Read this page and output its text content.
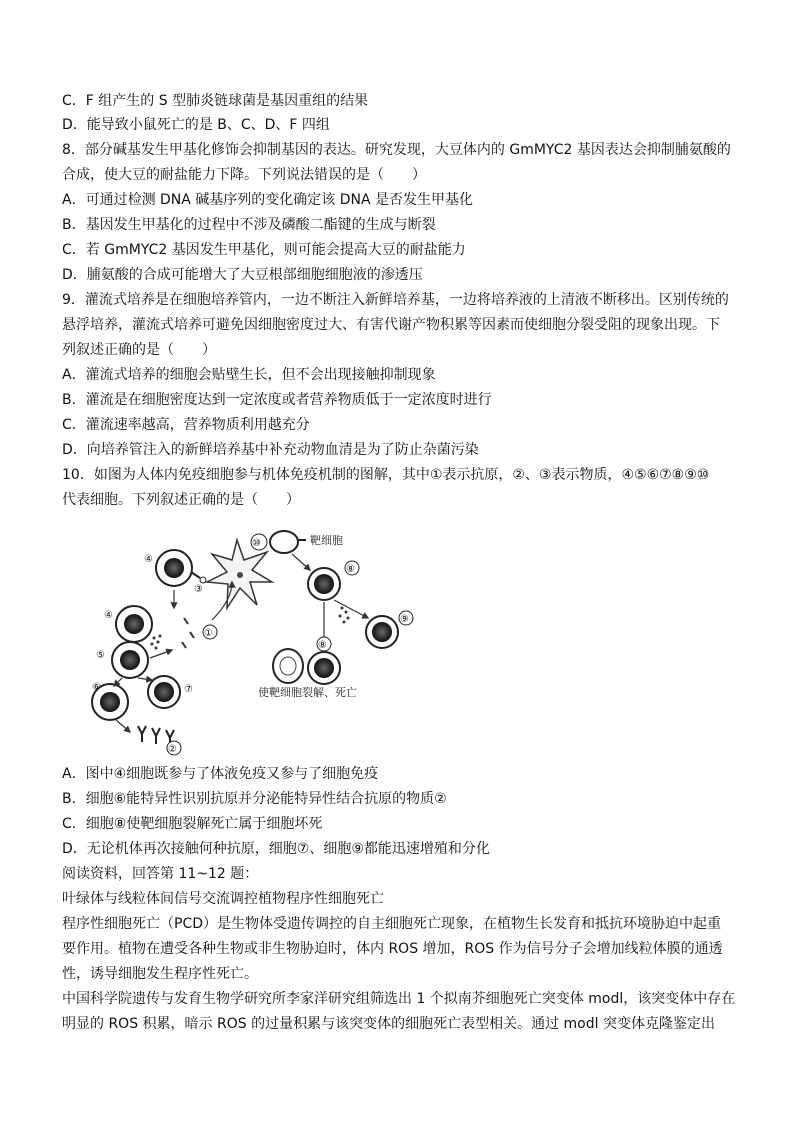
C．F 组产生的 S 型肺炎链球菌是基因重组的结果
D．能导致小鼠死亡的是 B、C、D、F 四组
8．部分碱基发生甲基化修饰会抑制基因的表达。研究发现，大豆体内的 GmMYC2 基因表达会抑制脯氨酸的
合成，使大豆的耐盐能力下降。下列说法错误的是（　　）
A．可通过检测 DNA 碱基序列的变化确定该 DNA 是否发生甲基化
B．基因发生甲基化的过程中不涉及磷酸二酯键的生成与断裂
C．若 GmMYC2 基因发生甲基化，则可能会提高大豆的耐盐能力
D．脯氨酸的合成可能增大了大豆根部细胞细胞液的渗透压
9．灌流式培养是在细胞培养管内，一边不断注入新鲜培养基，一边将培养液的上清液不断移出。区别传统的
悬浮培养，灌流式培养可避免因细胞密度过大、有害代谢产物积累等因素而使细胞分裂受阻的现象出现。下
列叙述正确的是（　　）
A．灌流式培养的细胞会贴壁生长，但不会出现接触抑制现象
B．灌流是在细胞密度达到一定浓度或者营养物质低于一定浓度时进行
C．灌流速率越高，营养物质利用越充分
D．向培养管注入的新鲜培养基中补充动物血清是为了防止杂菌污染
10．如图为人体内免疫细胞参与机体免疫机制的图解，其中①表示抗原，②、③表示物质，④⑤⑥⑦⑧⑨⑩
代表细胞。下列叙述正确的是（　　）
④
③
⑩
④
①
⑤
⑥	⑦
②
靶细胞
⑧
⑨
⑧
使靶细胞裂解、死亡
A．图中④细胞既参与了体液免疫又参与了细胞免疫
B．细胞⑥能特异性识别抗原并分泌能特异性结合抗原的物质②
C．细胞⑧使靶细胞裂解死亡属于细胞坏死
D．无论机体再次接触何种抗原，细胞⑦、细胞⑨都能迅速增殖和分化
阅读资料，回答第 11~12 题：
叶绿体与线粒体间信号交流调控植物程序性细胞死亡
程序性细胞死亡（PCD）是生物体受遗传调控的自主细胞死亡现象，在植物生长发育和抵抗环境胁迫中起重
要作用。植物在遭受各种生物或非生物胁迫时，体内 ROS 增加，ROS 作为信号分子会增加线粒体膜的通透
性，诱导细胞发生程序性死亡。
中国科学院遗传与发育生物学研究所李家洋研究组筛选出 1 个拟南芥细胞死亡突变体 modl，该突变体中存在
明显的 ROS 积累，暗示 ROS 的过量积累与该突变体的细胞死亡表型相关。通过 modl 突变体克隆鉴定出
